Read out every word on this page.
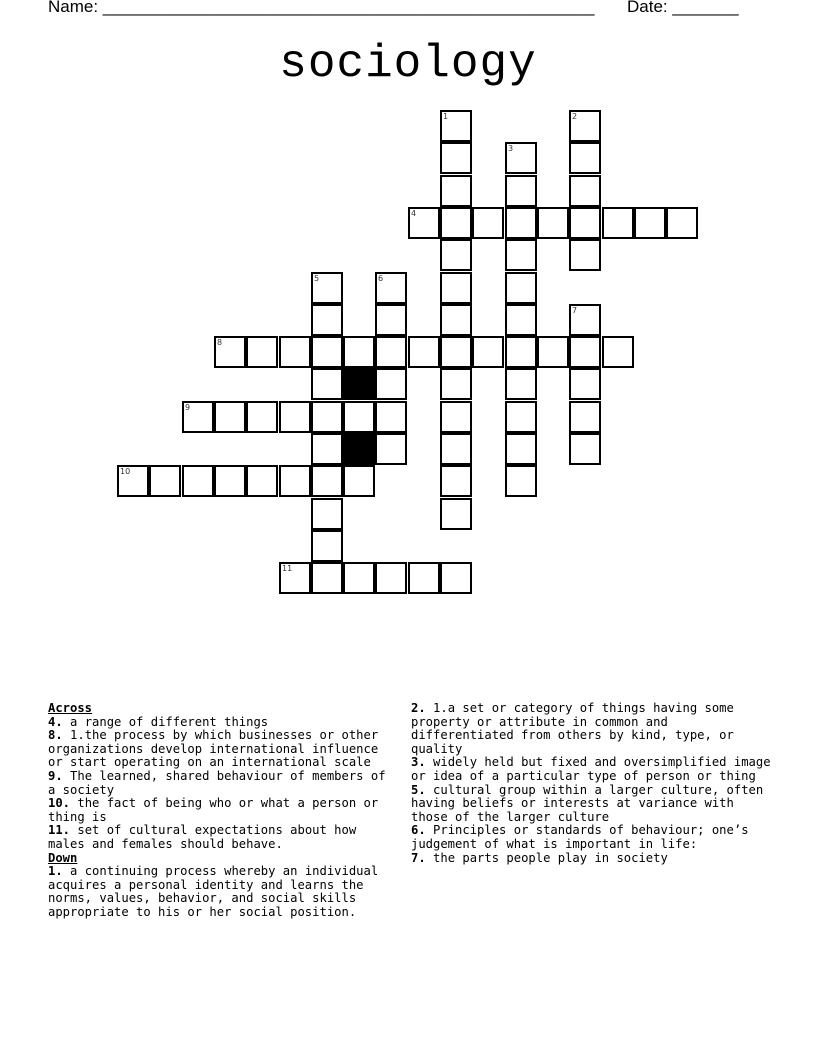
Name: ____________________________________________________ Date: _______
sociology
1	2
3
4
5	6
7
8
9
10
11
Across

4. a range of different things

8. 1.the process by which businesses or other organizations develop international influence or start operating on an international scale

9. The learned, shared behaviour of members of a society

10. the fact of being who or what a person or thing is

11. set of cultural expectations about how males and females should behave.

Down

1. a continuing process whereby an individual acquires a personal identity and learns the norms, values, behavior, and social skills appropriate to his or her social position.

2. 1.a set or category of things having some property or attribute in common and differentiated from others by kind, type, or quality

3. widely held but fixed and oversimplified image or idea of a particular type of person or thing

5. cultural group within a larger culture, often having beliefs or interests at variance with those of the larger culture

6. Principles or standards of behaviour; one’s judgement of what is important in life:

7. the parts people play in society
